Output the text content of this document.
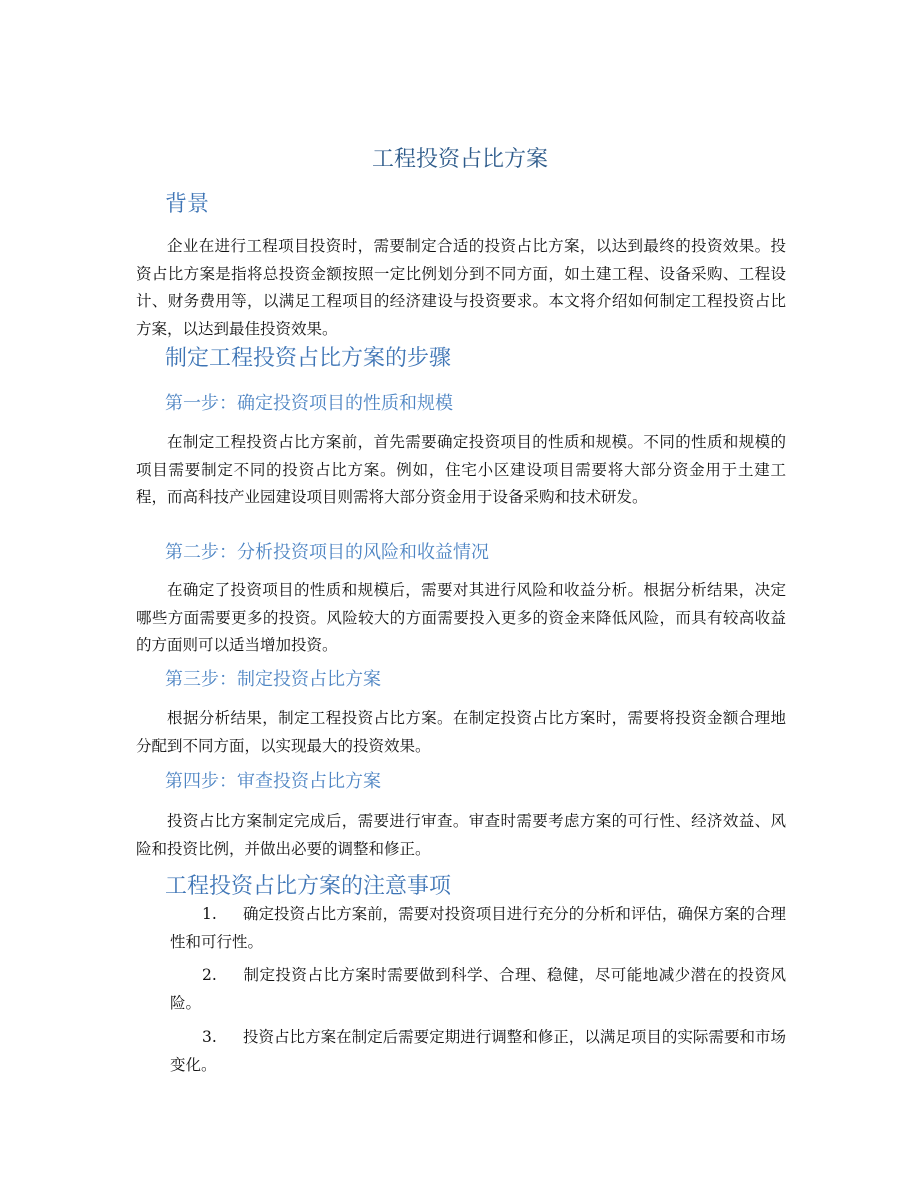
工程投资占比方案
背景

企业在进行工程项目投资时，需要制定合适的投资占比方案，以达到最终的投资效果。投资占比方案是指将总投资金额按照一定比例划分到不同方面，如土建工程、设备采购、工程设计、财务费用等，以满足工程项目的经济建设与投资要求。本文将介绍如何制定工程投资占比方案，以达到最佳投资效果。

制定工程投资占比方案的步骤
第一步：确定投资项目的性质和规模

在制定工程投资占比方案前，首先需要确定投资项目的性质和规模。不同的性质和规模的项目需要制定不同的投资占比方案。例如，住宅小区建设项目需要将大部分资金用于土建工程，而高科技产业园建设项目则需将大部分资金用于设备采购和技术研发。

第二步：分析投资项目的风险和收益情况

在确定了投资项目的性质和规模后，需要对其进行风险和收益分析。根据分析结果，决定哪些方面需要更多的投资。风险较大的方面需要投入更多的资金来降低风险，而具有较高收益的方面则可以适当增加投资。

第三步：制定投资占比方案

根据分析结果，制定工程投资占比方案。在制定投资占比方案时，需要将投资金额合理地分配到不同方面，以实现最大的投资效果。

第四步：审查投资占比方案

投资占比方案制定完成后，需要进行审查。审查时需要考虑方案的可行性、经济效益、风险和投资比例，并做出必要的调整和修正。

工程投资占比方案的注意事项

1. 确定投资占比方案前，需要对投资项目进行充分的分析和评估，确保方案的合理性和可行性。

2. 制定投资占比方案时需要做到科学、合理、稳健，尽可能地减少潜在的投资风险。

3. 投资占比方案在制定后需要定期进行调整和修正，以满足项目的实际需要和市场变化。
